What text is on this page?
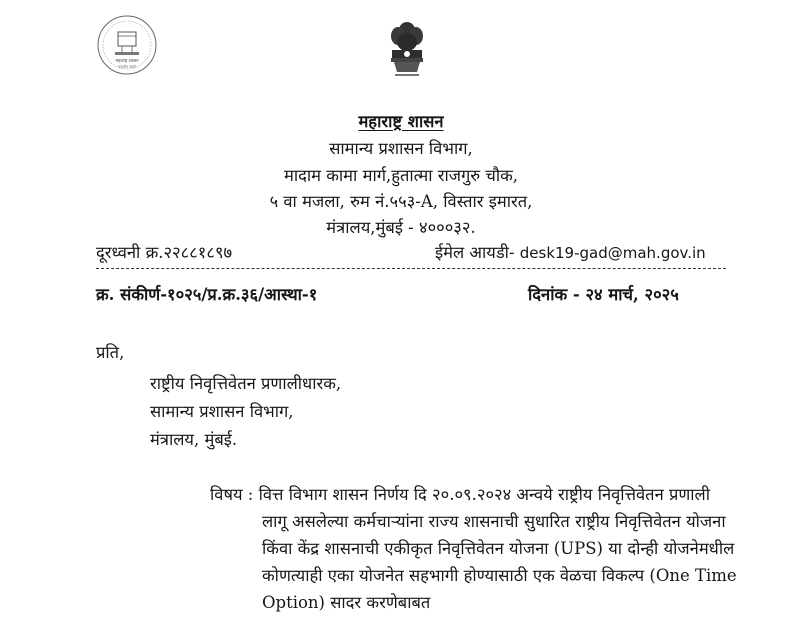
महाराष्ट्र शासन
सत्यमेव जयते
महाराष्ट्र शासन
सामान्य प्रशासन विभाग,
मादाम कामा मार्ग,हुतात्मा राजगुरु चौक,
५ वा मजला, रुम नं.५५३-A, विस्तार इमारत,
मंत्रालय,मुंबई - ४०००३२.
दूरध्वनी क्र.२२८८१८९७	ईमेल आयडी- desk19-gad@mah.gov.in
क्र. संकीर्ण-१०२५/प्र.क्र.३६/आस्था-१	दिनांक - २४ मार्च, २०२५
प्रति,
राष्ट्रीय निवृत्तिवेतन प्रणालीधारक,
सामान्य प्रशासन विभाग,
मंत्रालय, मुंबई.
विषय : वित्त विभाग शासन निर्णय दि २०.०९.२०२४ अन्वये राष्ट्रीय निवृत्तिवेतन प्रणाली
लागू असलेल्या कर्मचाऱ्यांना राज्य शासनाची सुधारित राष्ट्रीय निवृत्तिवेतन योजना
किंवा केंद्र शासनाची एकीकृत निवृत्तिवेतन योजना (UPS) या दोन्ही योजनेमधील
कोणत्याही एका योजनेत सहभागी होण्यासाठी एक वेळचा विकल्प (One Time
Option) सादर करणेबाबत
